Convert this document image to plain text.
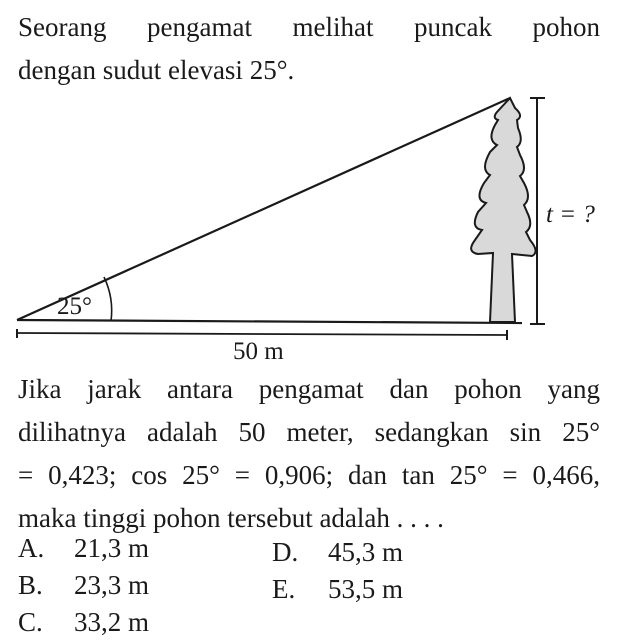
Seorang pengamat melihat puncak pohon
dengan sudut elevasi 25°.
25°
50 m
t = ?
Jika jarak antara pengamat dan pohon yang
dilihatnya adalah 50 meter, sedangkan sin 25°
= 0,423; cos 25° = 0,906; dan tan 25° = 0,466,
maka tinggi pohon tersebut adalah . . . .
A. 21,3 m
B. 23,3 m
C. 33,2 m
D. 45,3 m
E. 53,5 m
